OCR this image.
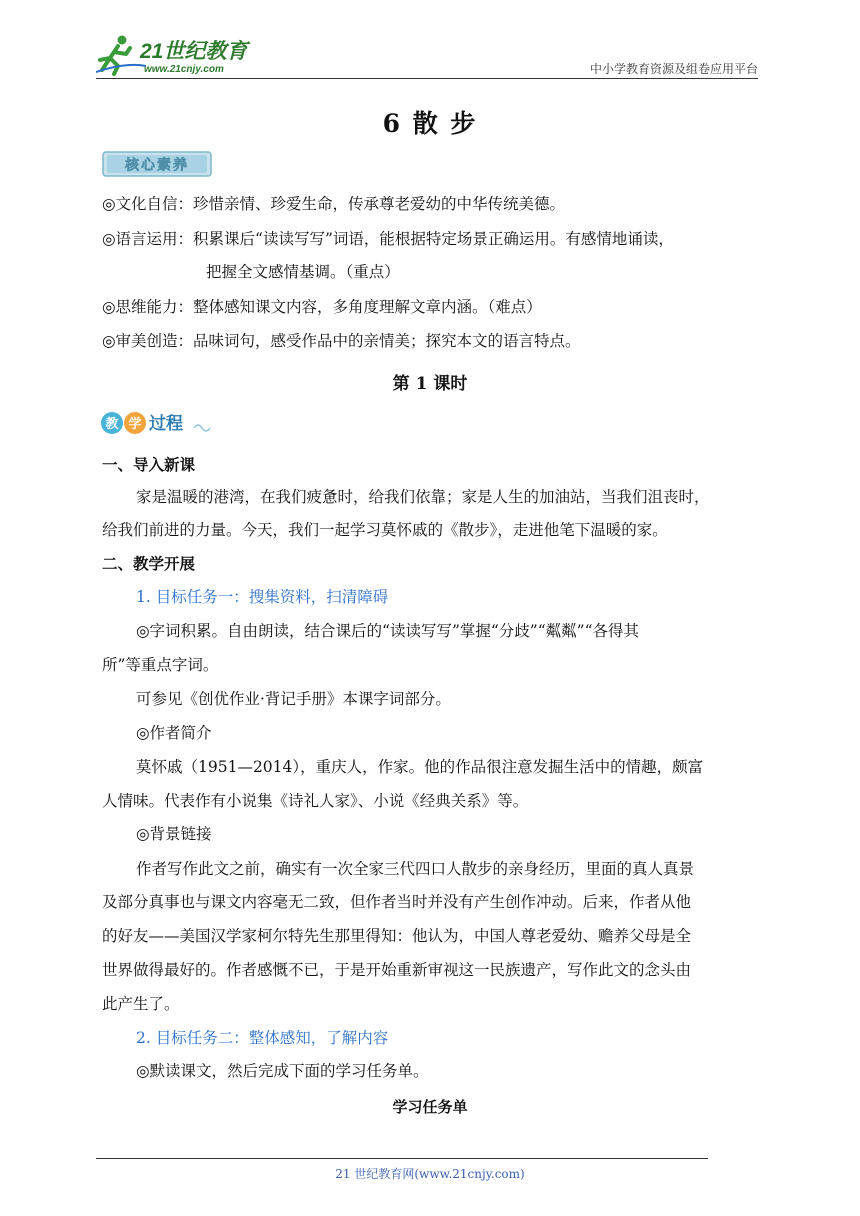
21世纪教育
www.21cnjy.com	中小学教育资源及组卷应用平台
6 散 步
核心素养
◎文化自信：珍惜亲情、珍爱生命，传承尊老爱幼的中华传统美德。
◎语言运用：积累课后“读读写写”词语，能根据特定场景正确运用。有感情地诵读，
把握全文感情基调。（重点）
◎思维能力：整体感知课文内容，多角度理解文章内涵。（难点）
◎审美创造：品味词句，感受作品中的亲情美；探究本文的语言特点。
第 1 课时
教 学 过程
一、导入新课
家是温暖的港湾，在我们疲惫时，给我们依靠；家是人生的加油站，当我们沮丧时，
给我们前进的力量。今天，我们一起学习莫怀戚的《散步》，走进他笔下温暖的家。
二、教学开展
1. 目标任务一：搜集资料，扫清障碍
◎字词积累。自由朗读，结合课后的“读读写写”掌握“分歧”“粼粼”“各得其
所”等重点字词。
可参见《创优作业·背记手册》本课字词部分。
◎作者简介
莫怀戚（1951—2014），重庆人，作家。他的作品很注意发掘生活中的情趣，颇富
人情味。代表作有小说集《诗礼人家》、小说《经典关系》等。
◎背景链接
作者写作此文之前，确实有一次全家三代四口人散步的亲身经历，里面的真人真景
及部分真事也与课文内容毫无二致，但作者当时并没有产生创作冲动。后来，作者从他
的好友——美国汉学家柯尔特先生那里得知：他认为，中国人尊老爱幼、赡养父母是全
世界做得最好的。作者感慨不已，于是开始重新审视这一民族遗产，写作此文的念头由
此产生了。
2. 目标任务二：整体感知，了解内容
◎默读课文，然后完成下面的学习任务单。
学习任务单
21 世纪教育网(www.21cnjy.com)
